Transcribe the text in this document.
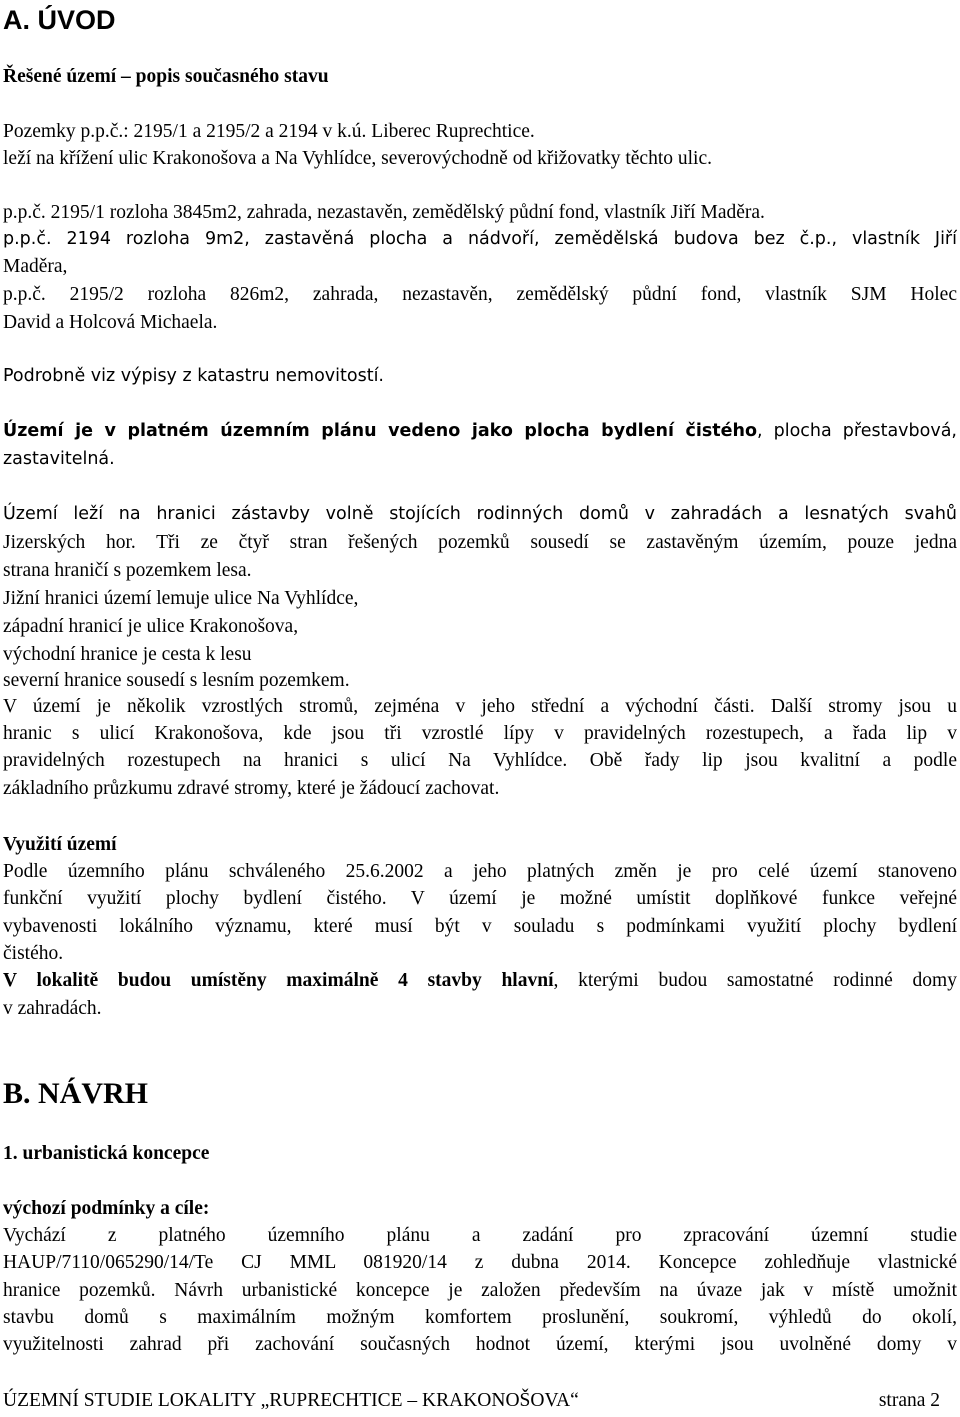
A. ÚVOD
Řešené území – popis současného stavu
Pozemky p.p.č.: 2195/1 a 2195/2 a 2194 v k.ú. Liberec Ruprechtice.
leží na křížení ulic Krakonošova a Na Vyhlídce, severovýchodně od křižovatky těchto ulic.
p.p.č. 2195/1 rozloha 3845m2, zahrada, nezastavěn, zemědělský půdní fond, vlastník Jiří Maděra.
p.p.č. 2194 rozloha 9m2, zastavěná plocha a nádvoří, zemědělská budova bez č.p., vlastník Jiří
Maděra,
p.p.č. 2195/2 rozloha 826m2, zahrada, nezastavěn, zemědělský půdní fond, vlastník SJM Holec
David a Holcová Michaela.
Podrobně viz výpisy z katastru nemovitostí.
Území je v platném územním plánu vedeno jako plocha bydlení čistého, plocha přestavbová,
zastavitelná.
Území leží na hranici zástavby volně stojících rodinných domů v zahradách a lesnatých svahů
Jizerských hor. Tři ze čtyř stran řešených pozemků sousedí se zastavěným územím, pouze jedna
strana hraničí s pozemkem lesa.
Jižní hranici území lemuje ulice Na Vyhlídce,
západní hranicí je ulice Krakonošova,
východní hranice je cesta k lesu
severní hranice sousedí s lesním pozemkem.
V území je několik vzrostlých stromů, zejména v jeho střední a východní části. Další stromy jsou u
hranic s ulicí Krakonošova, kde jsou tři vzrostlé lípy v pravidelných rozestupech, a řada lip v
pravidelných rozestupech na hranici s ulicí Na Vyhlídce. Obě řady lip jsou kvalitní a podle
základního průzkumu zdravé stromy, které je žádoucí zachovat.
Využití území
Podle územního plánu schváleného 25.6.2002 a jeho platných změn je pro celé území stanoveno
funkční využití plochy bydlení čistého. V území je možné umístit doplňkové funkce veřejné
vybavenosti lokálního významu, které musí být v souladu s podmínkami využití plochy bydlení
čistého.
V lokalitě budou umístěny maximálně 4 stavby hlavní, kterými budou samostatné rodinné domy
v zahradách.
B. NÁVRH
1. urbanistická koncepce
výchozí podmínky a cíle:
Vychází z platného územního plánu a zadání pro zpracování územní studie
HAUP/7110/065290/14/Te CJ MML 081920/14 z dubna 2014. Koncepce zohledňuje vlastnické
hranice pozemků. Návrh urbanistické koncepce je založen především na úvaze jak v místě umožnit
stavbu domů s maximálním možným komfortem proslunění, soukromí, výhledů do okolí,
využitelnosti zahrad při zachování současných hodnot území, kterými jsou uvolněné domy v
ÚZEMNÍ STUDIE LOKALITY „RUPRECHTICE – KRAKONOŠOVA“	strana 2
